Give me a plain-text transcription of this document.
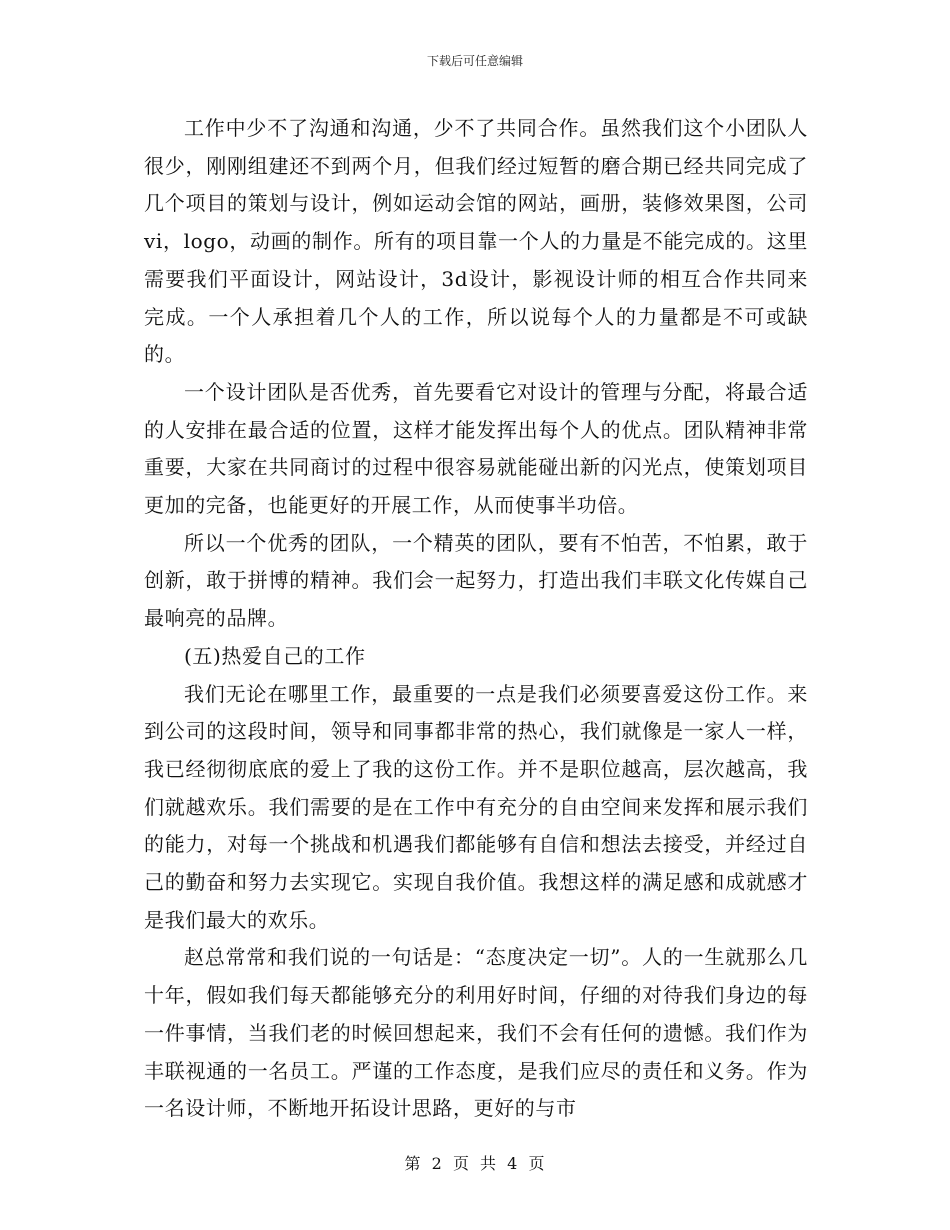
下载后可任意编辑

工作中少不了沟通和沟通，少不了共同合作。虽然我们这个小团队人很少，刚刚组建还不到两个月，但我们经过短暂的磨合期已经共同完成了几个项目的策划与设计，例如运动会馆的网站，画册，装修效果图，公司vi，logo，动画的制作。所有的项目靠一个人的力量是不能完成的。这里需要我们平面设计，网站设计，3d设计，影视设计师的相互合作共同来完成。一个人承担着几个人的工作，所以说每个人的力量都是不可或缺的。

一个设计团队是否优秀，首先要看它对设计的管理与分配，将最合适的人安排在最合适的位置，这样才能发挥出每个人的优点。团队精神非常重要，大家在共同商讨的过程中很容易就能碰出新的闪光点，使策划项目更加的完备，也能更好的开展工作，从而使事半功倍。

所以一个优秀的团队，一个精英的团队，要有不怕苦，不怕累，敢于创新，敢于拼博的精神。我们会一起努力，打造出我们丰联文化传媒自己最响亮的品牌。

(五)热爱自己的工作

我们无论在哪里工作，最重要的一点是我们必须要喜爱这份工作。来到公司的这段时间，领导和同事都非常的热心，我们就像是一家人一样，我已经彻彻底底的爱上了我的这份工作。并不是职位越高，层次越高，我们就越欢乐。我们需要的是在工作中有充分的自由空间来发挥和展示我们的能力，对每一个挑战和机遇我们都能够有自信和想法去接受，并经过自己的勤奋和努力去实现它。实现自我价值。我想这样的满足感和成就感才是我们最大的欢乐。

赵总常常和我们说的一句话是：“态度决定一切”。人的一生就那么几十年，假如我们每天都能够充分的利用好时间，仔细的对待我们身边的每一件事情，当我们老的时候回想起来，我们不会有任何的遗憾。我们作为丰联视通的一名员工。严谨的工作态度，是我们应尽的责任和义务。作为一名设计师，不断地开拓设计思路，更好的与市

第 2 页 共 4 页
